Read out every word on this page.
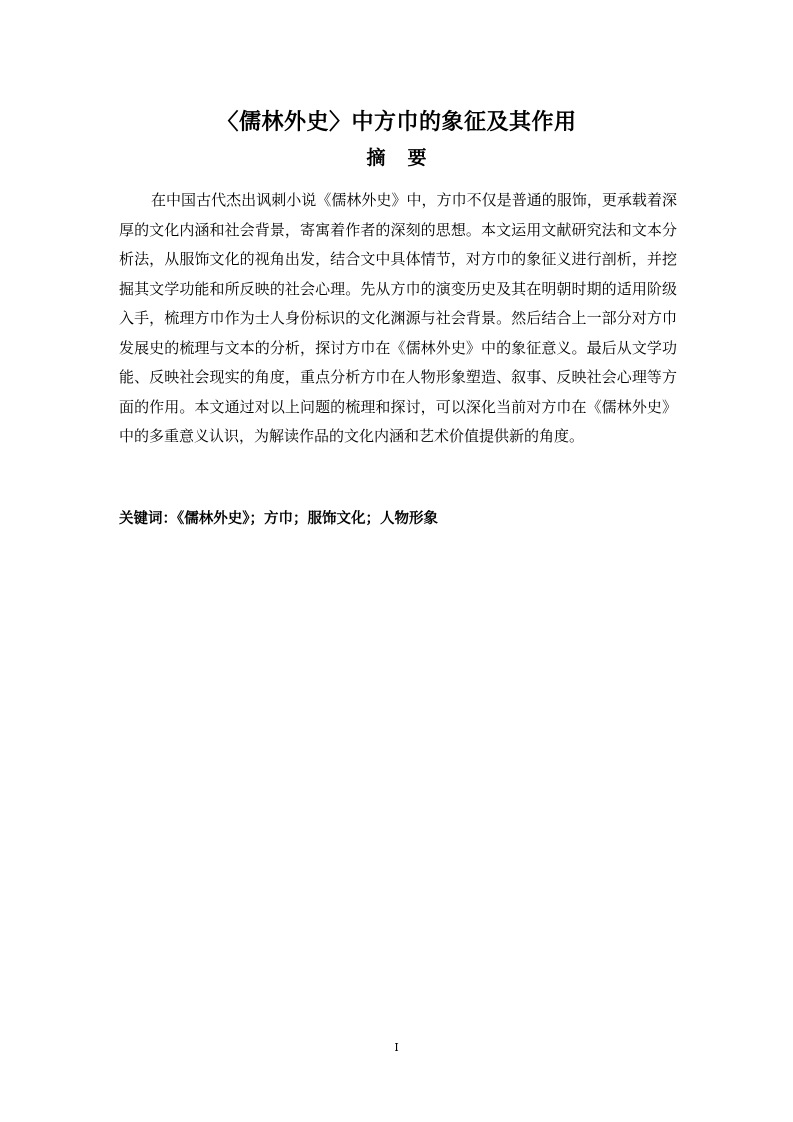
〈儒林外史〉中方巾的象征及其作用
摘要

在中国古代杰出讽刺小说《儒林外史》中，方巾不仅是普通的服饰，更承载着深厚的文化内涵和社会背景，寄寓着作者的深刻的思想。本文运用文献研究法和文本分析法，从服饰文化的视角出发，结合文中具体情节，对方巾的象征义进行剖析，并挖掘其文学功能和所反映的社会心理。先从方巾的演变历史及其在明朝时期的适用阶级入手，梳理方巾作为士人身份标识的文化渊源与社会背景。然后结合上一部分对方巾发展史的梳理与文本的分析，探讨方巾在《儒林外史》中的象征意义。最后从文学功能、反映社会现实的角度，重点分析方巾在人物形象塑造、叙事、反映社会心理等方面的作用。本文通过对以上问题的梳理和探讨，可以深化当前对方巾在《儒林外史》中的多重意义认识，为解读作品的文化内涵和艺术价值提供新的角度。

关键词：《儒林外史》；方巾；服饰文化；人物形象

I
